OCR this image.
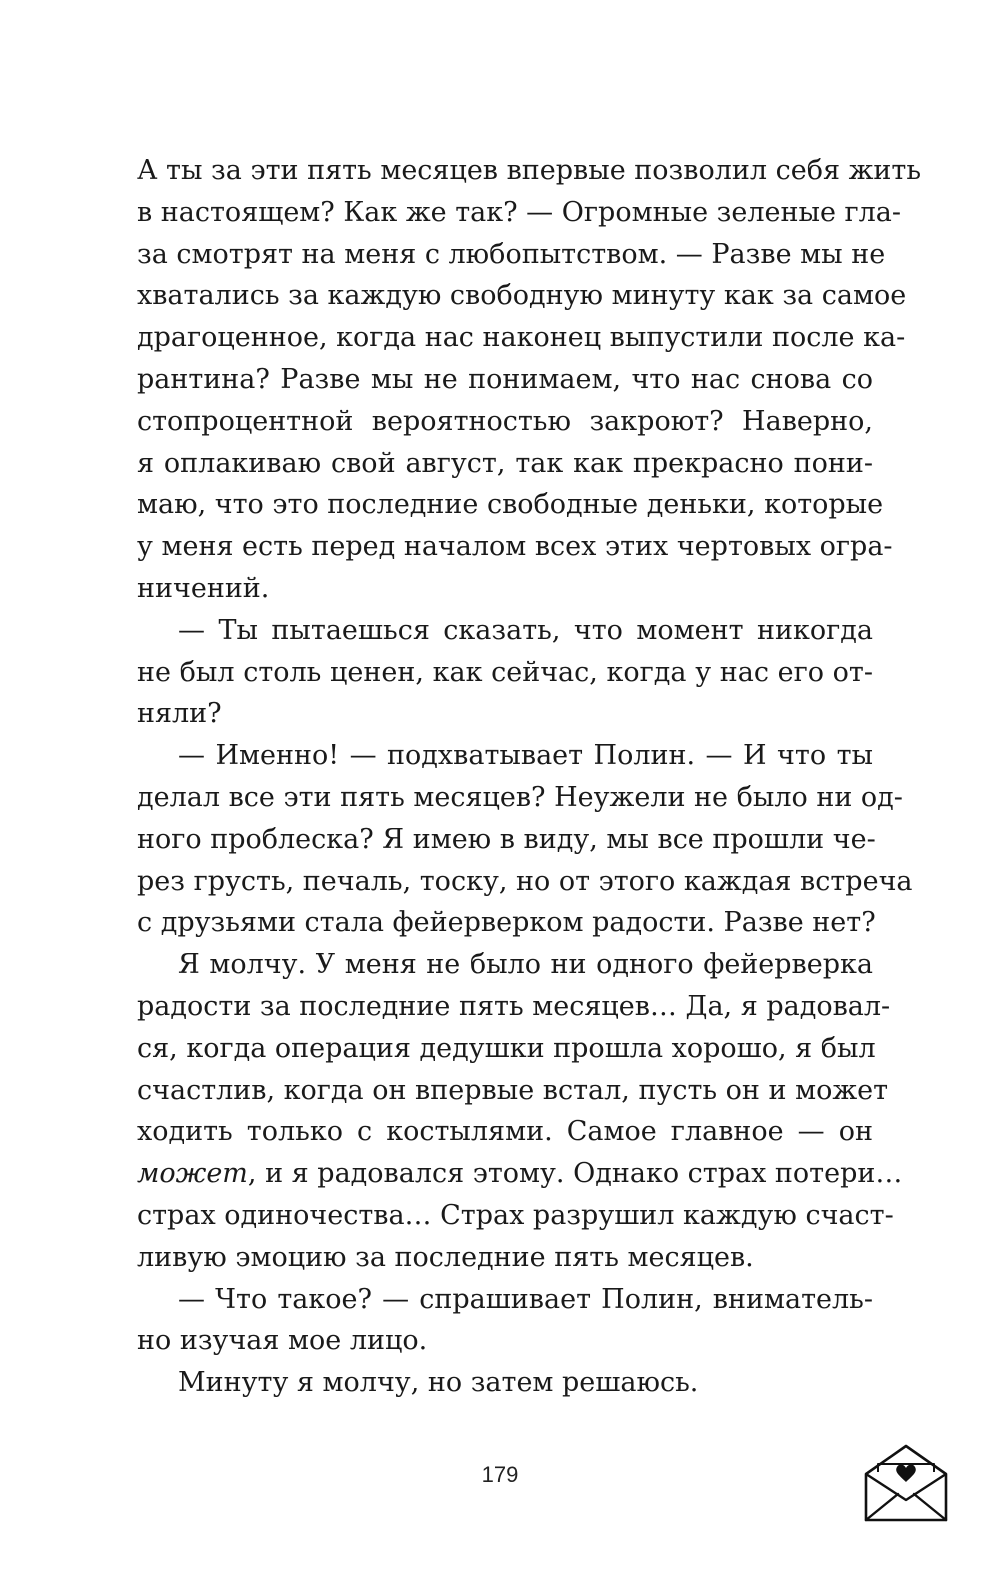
А ты за эти пять месяцев впервые позволил себя жить
в настоящем? Как же так? — Огромные зеленые гла-
за смотрят на меня с любопытством. — Разве мы не
хватались за каждую свободную минуту как за самое
драгоценное, когда нас наконец выпустили после ка-
рантина? Разве мы не понимаем, что нас снова со
стопроцентной вероятностью закроют? Наверно,
я оплакиваю свой август, так как прекрасно пони-
маю, что это последние свободные деньки, которые
у меня есть перед началом всех этих чертовых огра-
ничений.
— Ты пытаешься сказать, что момент никогда
не был столь ценен, как сейчас, когда у нас его от-
няли?
— Именно! — подхватывает Полин. — И что ты
делал все эти пять месяцев? Неужели не было ни од-
ного проблеска? Я имею в виду, мы все прошли че-
рез грусть, печаль, тоску, но от этого каждая встреча
с друзьями стала фейерверком радости. Разве нет?
Я молчу. У меня не было ни одного фейерверка
радости за последние пять месяцев… Да, я радовал-
ся, когда операция дедушки прошла хорошо, я был
счастлив, когда он впервые встал, пусть он и может
ходить только с костылями. Самое главное — он
может, и я радовался этому. Однако страх потери…
страх одиночества… Страх разрушил каждую счаст-
ливую эмоцию за последние пять месяцев.
— Что такое? — спрашивает Полин, вниматель-
но изучая мое лицо.
Минуту я молчу, но затем решаюсь.
179
